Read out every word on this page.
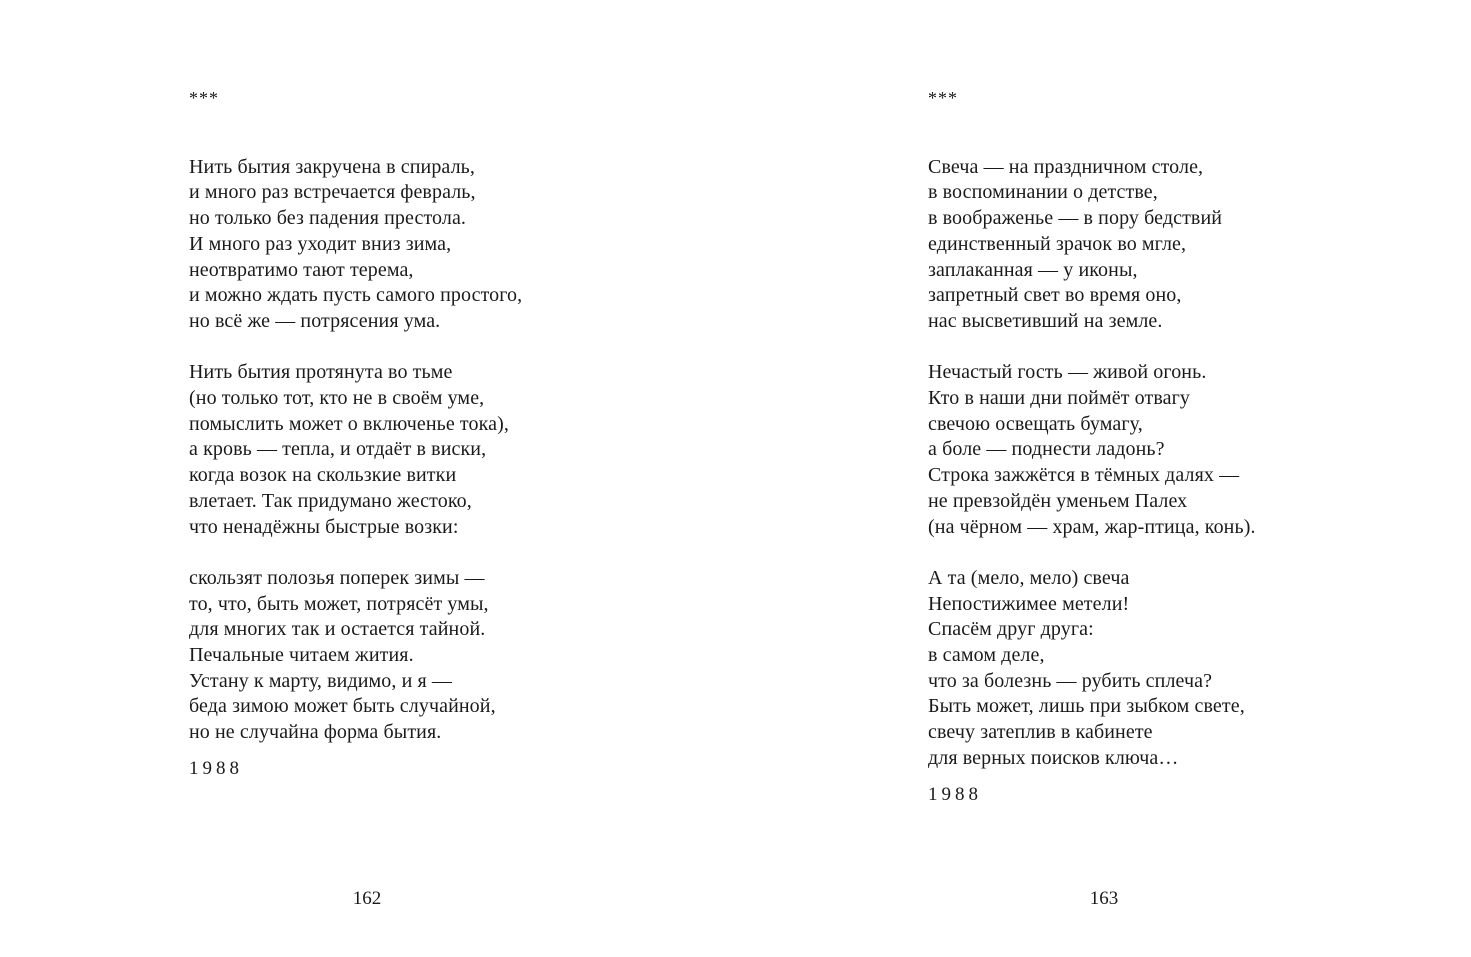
***
Нить бытия закручена в спираль,
и много раз встречается февраль,
но только без падения престола.
И много раз уходит вниз зима,
неотвратимо тают терема,
и можно ждать пусть самого простого,
но всё же — потрясения ума.
Нить бытия протянута во тьме
(но только тот, кто не в своём уме,
помыслить может о включенье тока),
а кровь — тепла, и отдаёт в виски,
когда возок на скользкие витки
влетает. Так придумано жестоко,
что ненадёжны быстрые возки:
скользят полозья поперек зимы —
то, что, быть может, потрясёт умы,
для многих так и остается тайной.
Печальные читаем жития.
Устану к марту, видимо, и я —
беда зимою может быть случайной,
но не случайна форма бытия.
1988
162
***
Свеча — на праздничном столе,
в воспоминании о детстве,
в воображенье — в пору бедствий
единственный зрачок во мгле,
заплаканная — у иконы,
запретный свет во время оно,
нас высветивший на земле.
Нечастый гость — живой огонь.
Кто в наши дни поймёт отвагу
свечою освещать бумагу,
а боле — поднести ладонь?
Строка зажжётся в тёмных далях —
не превзойдён уменьем Палех
(на чёрном — храм, жар-птица, конь).
А та (мело, мело) свеча
Непостижимее метели!
Спасём друг друга:
в самом деле,
что за болезнь — рубить сплеча?
Быть может, лишь при зыбком свете,
свечу затеплив в кабинете
для верных поисков ключа…
1988
163
